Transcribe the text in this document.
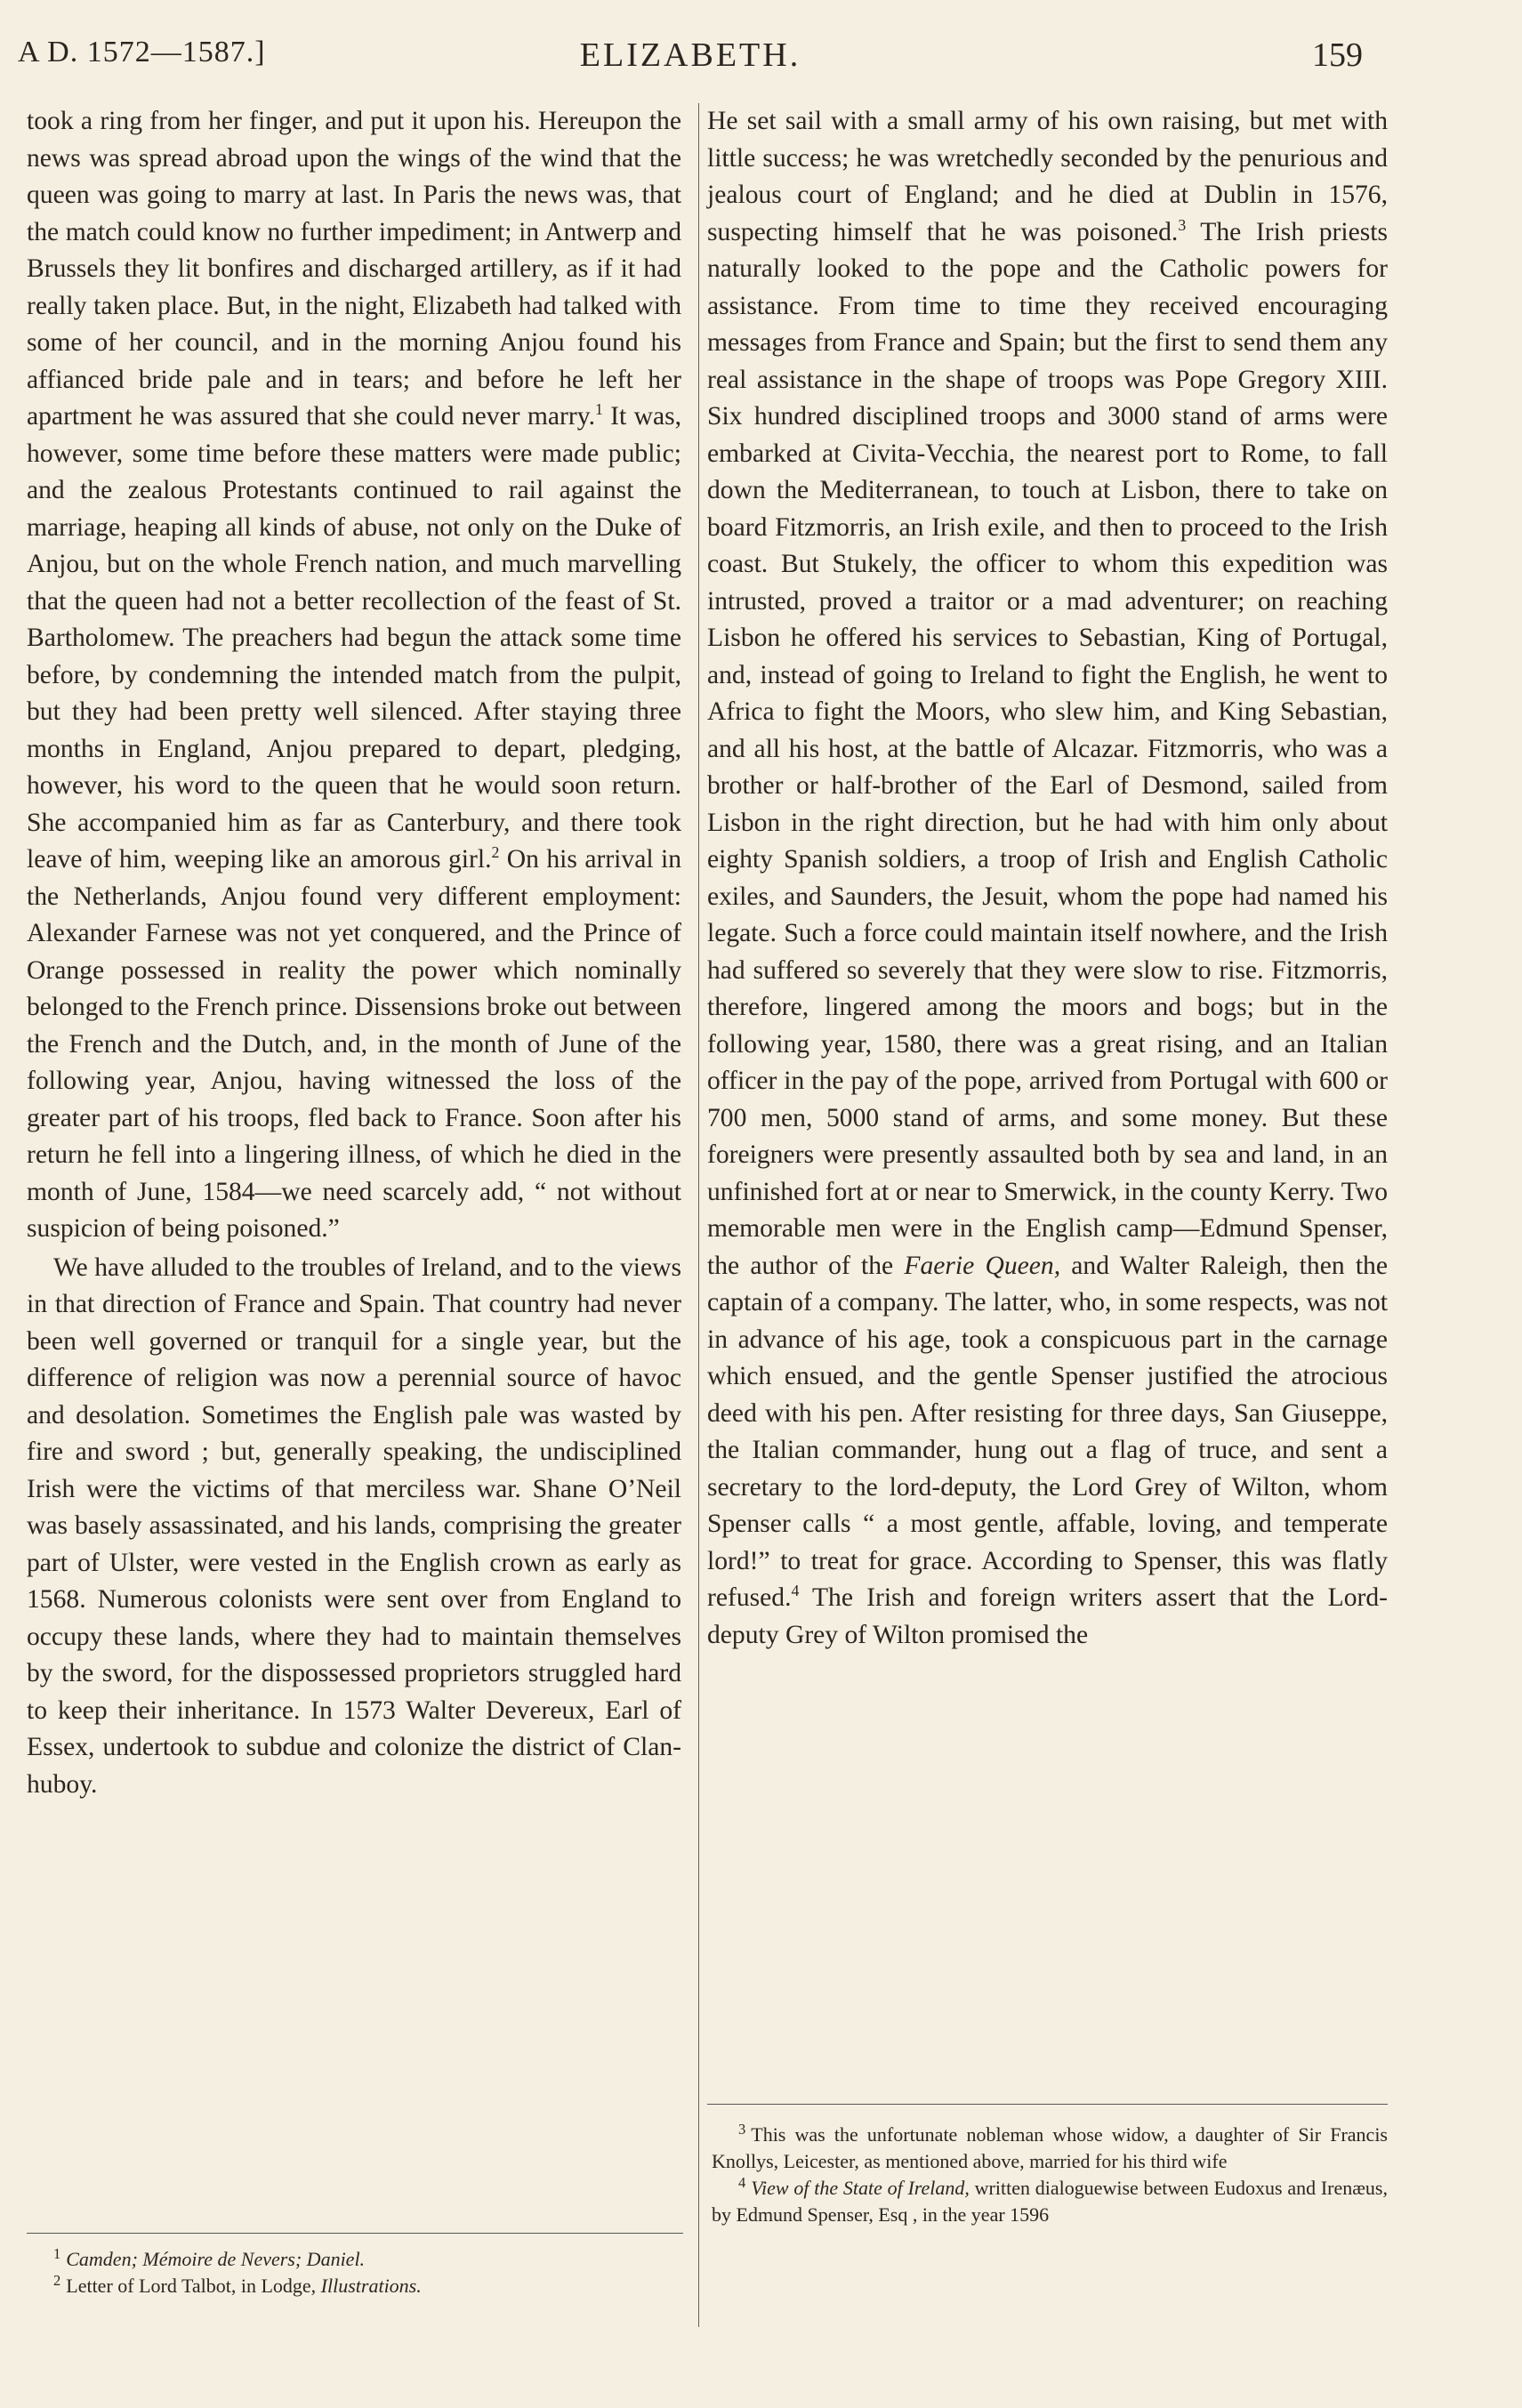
A D. 1572—1587.]	ELIZABETH.	159

took a ring from her finger, and put it upon his. Hereupon the news was spread abroad upon the wings of the wind that the queen was going to marry at last. In Paris the news was, that the match could know no further impediment; in Antwerp and Brussels they lit bonfires and discharged artillery, as if it had really taken place. But, in the night, Elizabeth had talked with some of her council, and in the morning Anjou found his affianced bride pale and in tears; and before he left her apartment he was assured that she could never marry.$^1$ It was, however, some time before these matters were made public; and the zealous Protestants continued to rail against the marriage, heaping all kinds of abuse, not only on the Duke of Anjou, but on the whole French nation, and much marvelling that the queen had not a better recollection of the feast of St. Bartholomew. The preachers had begun the attack some time before, by condemning the intended match from the pulpit, but they had been pretty well silenced. After staying three months in England, Anjou prepared to depart, pledging, however, his word to the queen that he would soon return. She accompanied him as far as Canterbury, and there took leave of him, weeping like an amorous girl.$^2$ On his arrival in the Netherlands, Anjou found very different employment: Alexander Farnese was not yet conquered, and the Prince of Orange possessed in reality the power which nominally belonged to the French prince. Dissensions broke out between the French and the Dutch, and, in the month of June of the following year, Anjou, having witnessed the loss of the greater part of his troops, fled back to France. Soon after his return he fell into a lingering illness, of which he died in the month of June, 1584—we need scarcely add, “ not without suspicion of being poisoned.”

We have alluded to the troubles of Ireland, and to the views in that direction of France and Spain. That country had never been well governed or tranquil for a single year, but the difference of religion was now a perennial source of havoc and desolation. Sometimes the English pale was wasted by fire and sword ; but, generally speaking, the undisciplined Irish were the victims of that merciless war. Shane O’Neil was basely assassinated, and his lands, comprising the greater part of Ulster, were vested in the English crown as early as 1568. Numerous colonists were sent over from England to occupy these lands, where they had to maintain themselves by the sword, for the dispossessed proprietors struggled hard to keep their inheritance. In 1573 Walter Devereux, Earl of Essex, undertook to subdue and colonize the district of Clan-huboy.

He set sail with a small army of his own raising, but met with little success; he was wretchedly seconded by the penurious and jealous court of England; and he died at Dublin in 1576, suspecting himself that he was poisoned.$^3$ The Irish priests naturally looked to the pope and the Catholic powers for assistance. From time to time they received encouraging messages from France and Spain; but the first to send them any real assistance in the shape of troops was Pope Gregory XIII. Six hundred disciplined troops and 3000 stand of arms were embarked at Civita-Vecchia, the nearest port to Rome, to fall down the Mediterranean, to touch at Lisbon, there to take on board Fitzmorris, an Irish exile, and then to proceed to the Irish coast. But Stukely, the officer to whom this expedition was intrusted, proved a traitor or a mad adventurer; on reaching Lisbon he offered his services to Sebastian, King of Portugal, and, instead of going to Ireland to fight the English, he went to Africa to fight the Moors, who slew him, and King Sebastian, and all his host, at the battle of Alcazar. Fitzmorris, who was a brother or half-brother of the Earl of Desmond, sailed from Lisbon in the right direction, but he had with him only about eighty Spanish soldiers, a troop of Irish and English Catholic exiles, and Saunders, the Jesuit, whom the pope had named his legate. Such a force could maintain itself nowhere, and the Irish had suffered so severely that they were slow to rise. Fitzmorris, therefore, lingered among the moors and bogs; but in the following year, 1580, there was a great rising, and an Italian officer in the pay of the pope, arrived from Portugal with 600 or 700 men, 5000 stand of arms, and some money. But these foreigners were presently assaulted both by sea and land, in an unfinished fort at or near to Smerwick, in the county Kerry. Two memorable men were in the English camp—Edmund Spenser, the author of the Faerie Queen, and Walter Raleigh, then the captain of a company. The latter, who, in some respects, was not in advance of his age, took a conspicuous part in the carnage which ensued, and the gentle Spenser justified the atrocious deed with his pen. After resisting for three days, San Giuseppe, the Italian commander, hung out a flag of truce, and sent a secretary to the lord-deputy, the Lord Grey of Wilton, whom Spenser calls “ a most gentle, affable, loving, and temperate lord!” to treat for grace. According to Spenser, this was flatly refused.$^4$ The Irish and foreign writers assert that the Lord-deputy Grey of Wilton promised the

$^1$ Camden; Mémoire de Nevers; Daniel.

$^2$ Letter of Lord Talbot, in Lodge, Illustrations.

$^3$ This was the unfortunate nobleman whose widow, a daughter of Sir Francis Knollys, Leicester, as mentioned above, married for his third wife

$^4$ View of the State of Ireland, written dialoguewise between Eudoxus and Irenæus, by Edmund Spenser, Esq , in the year 1596
